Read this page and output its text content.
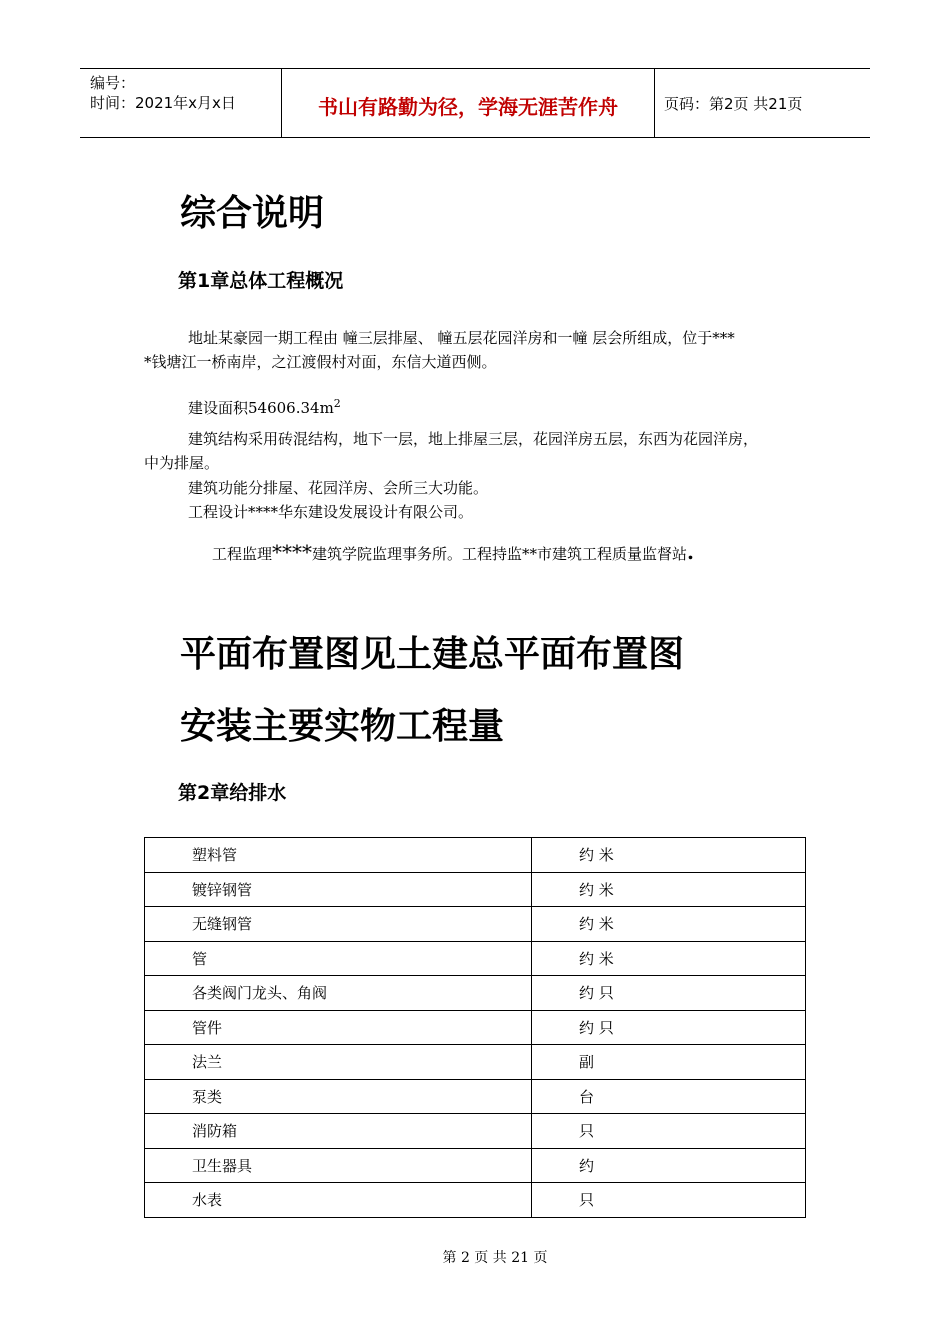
编号：
时间：2021年x月x日	书山有路勤为径，学海无涯苦作舟	页码：第2页 共21页
综合说明
第1章总体工程概况
地址某豪园一期工程由 幢三层排屋、 幢五层花园洋房和一幢 层会所组成，位于***
*钱塘江一桥南岸，之江渡假村对面，东信大道西侧。
建设面积$54606.34m^2$
建筑结构采用砖混结构，地下一层，地上排屋三层，花园洋房五层，东西为花园洋房，
中为排屋。
建筑功能分排屋、花园洋房、会所三大功能。
工程设计****华东建设发展设计有限公司。
工程监理****建筑学院监理事务所。工程持监**市建筑工程质量监督站.
平面布置图见土建总平面布置图
安装主要实物工程量
第2章给排水
塑料管	约 米
镀锌钢管	约 米
无缝钢管	约 米
管	约 米
各类阀门龙头、角阀	约 只
管件	约 只
法兰	副
泵类	台
消防箱	只
卫生器具	约
水表	只
第 2 页 共 21 页
